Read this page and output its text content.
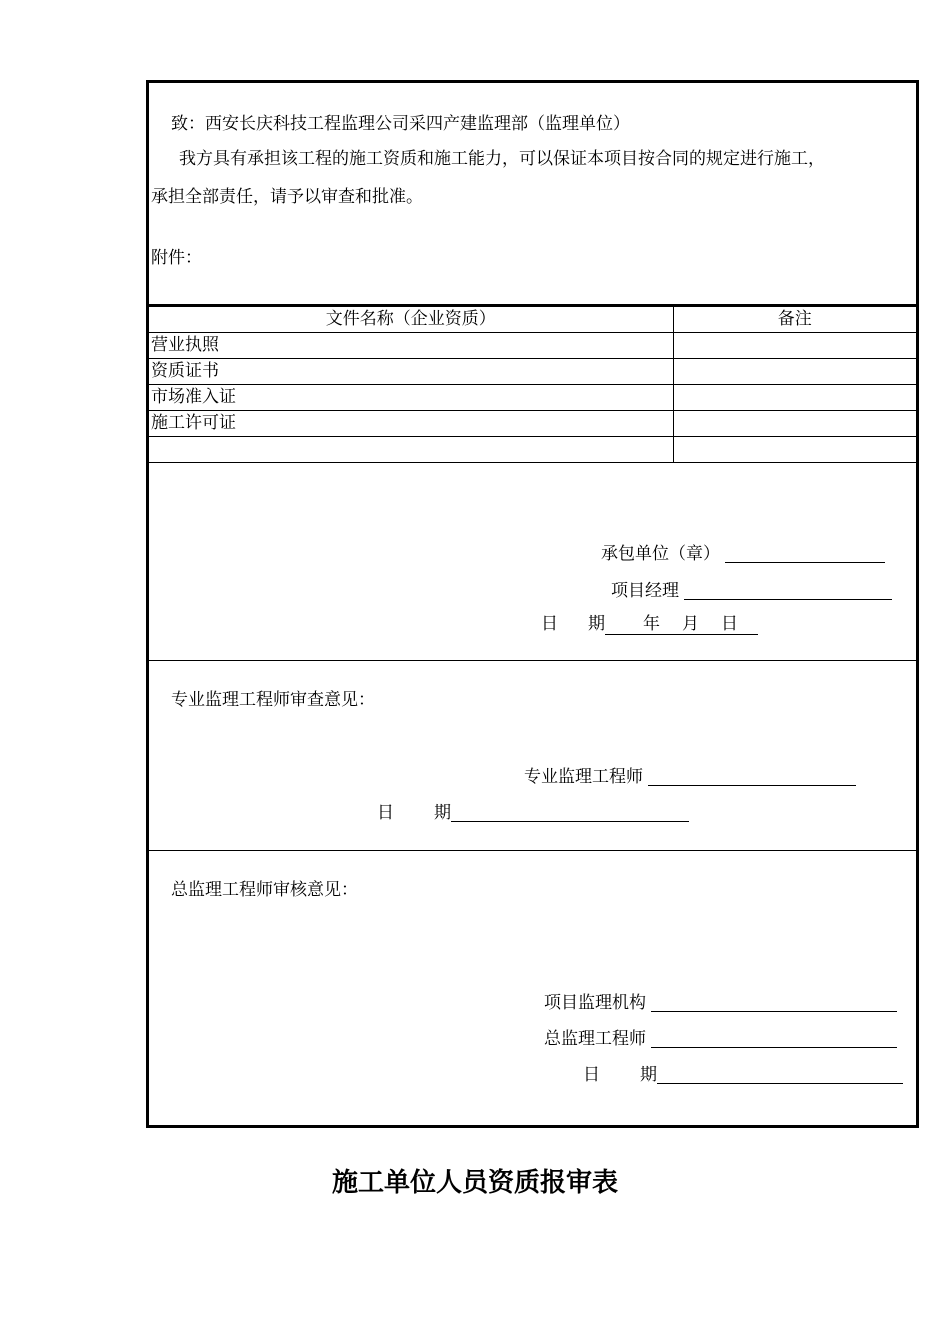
致：西安长庆科技工程监理公司采四产建监理部（监理单位）
我方具有承担该工程的施工资质和施工能力，可以保证本项目按合同的规定进行施工，
承担全部责任，请予以审查和批准。
附件：
文件名称（企业资质）	备注
营业执照	
资质证书	
市场准入证	
施工许可证	

承包单位（章）
项目经理
日 期 年 月 日
专业监理工程师审查意见：
专业监理工程师
日 期
总监理工程师审核意见：
项目监理机构
总监理工程师
日 期
施工单位人员资质报审表
